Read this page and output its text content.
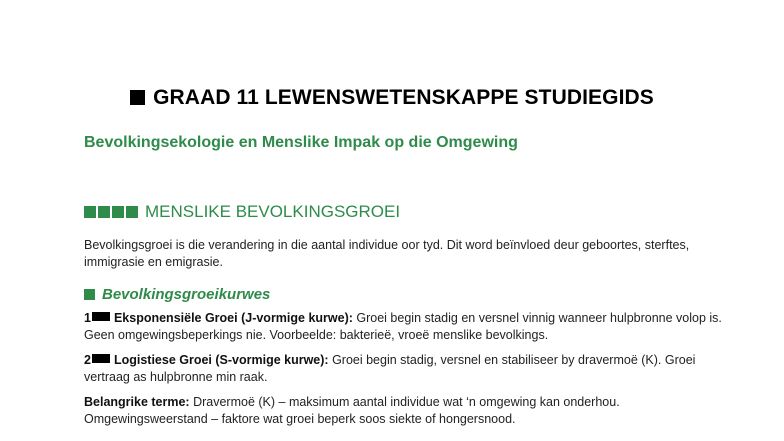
GRAAD 11 LEWENSWETENSKAPPE STUDIEGIDS
Bevolkingsekologie en Menslike Impak op die Omgewing
MENSLIKE BEVOLKINGSGROEI
Bevolkingsgroei is die verandering in die aantal individue oor tyd. Dit word beïnvloed deur geboortes, sterftes, immigrasie en emigrasie.
Bevolkingsgroeikurwes
1 Eksponensiële Groei (J-vormige kurwe): Groei begin stadig en versnel vinnig wanneer hulpbronne volop is. Geen omgewingsbeperkings nie. Voorbeelde: bakterieë, vroeë menslike bevolkings.
2 Logistiese Groei (S-vormige kurwe): Groei begin stadig, versnel en stabiliseer by dravermoë (K). Groei vertraag as hulpbronne min raak.
Belangrike terme: Dravermoë (K) – maksimum aantal individue wat ‘n omgewing kan onderhou. Omgewingsweerstand – faktore wat groei beperk soos siekte of hongersnood.
